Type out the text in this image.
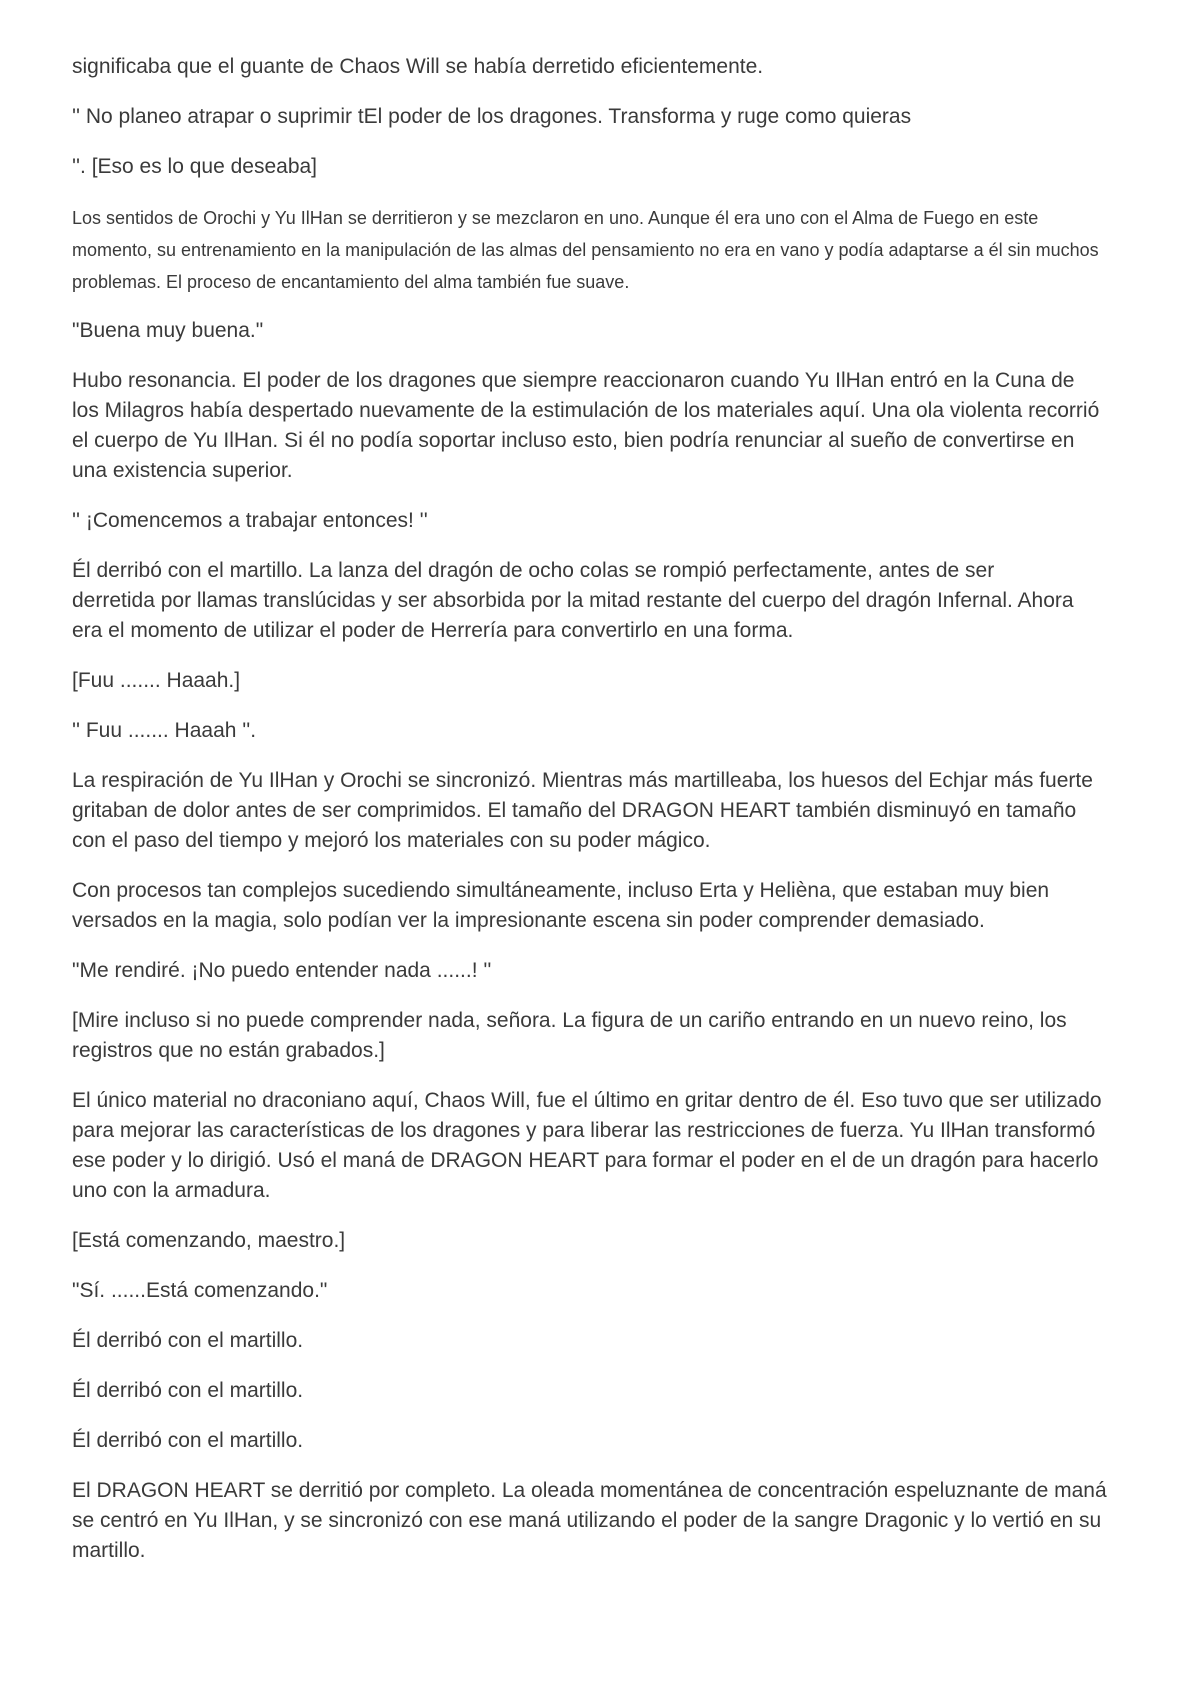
significaba que el guante de Chaos Will se había derretido eficientemente.

'' No planeo atrapar o suprimir tEl poder de los dragones. Transforma y ruge como quieras

''. [Eso es lo que deseaba]

Los sentidos de Orochi y Yu IlHan se derritieron y se mezclaron en uno. Aunque él era uno con el Alma de Fuego en este momento, su entrenamiento en la manipulación de las almas del pensamiento no era en vano y podía adaptarse a él sin muchos problemas. El proceso de encantamiento del alma también fue suave.

"Buena muy buena."

Hubo resonancia. El poder de los dragones que siempre reaccionaron cuando Yu IlHan entró en la Cuna de los Milagros había despertado nuevamente de la estimulación de los materiales aquí. Una ola violenta recorrió el cuerpo de Yu IlHan. Si él no podía soportar incluso esto, bien podría renunciar al sueño de convertirse en una existencia superior.

'' ¡Comencemos a trabajar entonces! ''

Él derribó con el martillo. La lanza del dragón de ocho colas se rompió perfectamente, antes de ser derretida por llamas translúcidas y ser absorbida por la mitad restante del cuerpo del dragón Infernal. Ahora era el momento de utilizar el poder de Herrería para convertirlo en una forma.

[Fuu ....... Haaah.]

'' Fuu ....... Haaah ''.

La respiración de Yu IlHan y Orochi se sincronizó. Mientras más martilleaba, los huesos del Echjar más fuerte gritaban de dolor antes de ser comprimidos. El tamaño del DRAGON HEART también disminuyó en tamaño con el paso del tiempo y mejoró los materiales con su poder mágico.

Con procesos tan complejos sucediendo simultáneamente, incluso Erta y Helièna, que estaban muy bien versados en la magia, solo podían ver la impresionante escena sin poder comprender demasiado.

"Me rendiré. ¡No puedo entender nada ......! ''

[Mire incluso si no puede comprender nada, señora. La figura de un cariño entrando en un nuevo reino, los registros que no están grabados.]

El único material no draconiano aquí, Chaos Will, fue el último en gritar dentro de él. Eso tuvo que ser utilizado para mejorar las características de los dragones y para liberar las restricciones de fuerza. Yu IlHan transformó ese poder y lo dirigió. Usó el maná de DRAGON HEART para formar el poder en el de un dragón para hacerlo uno con la armadura.

[Está comenzando, maestro.]

"Sí. ......Está comenzando."

Él derribó con el martillo.

Él derribó con el martillo.

Él derribó con el martillo.

El DRAGON HEART se derritió por completo. La oleada momentánea de concentración espeluznante de maná se centró en Yu IlHan, y se sincronizó con ese maná utilizando el poder de la sangre Dragonic y lo vertió en su martillo.
